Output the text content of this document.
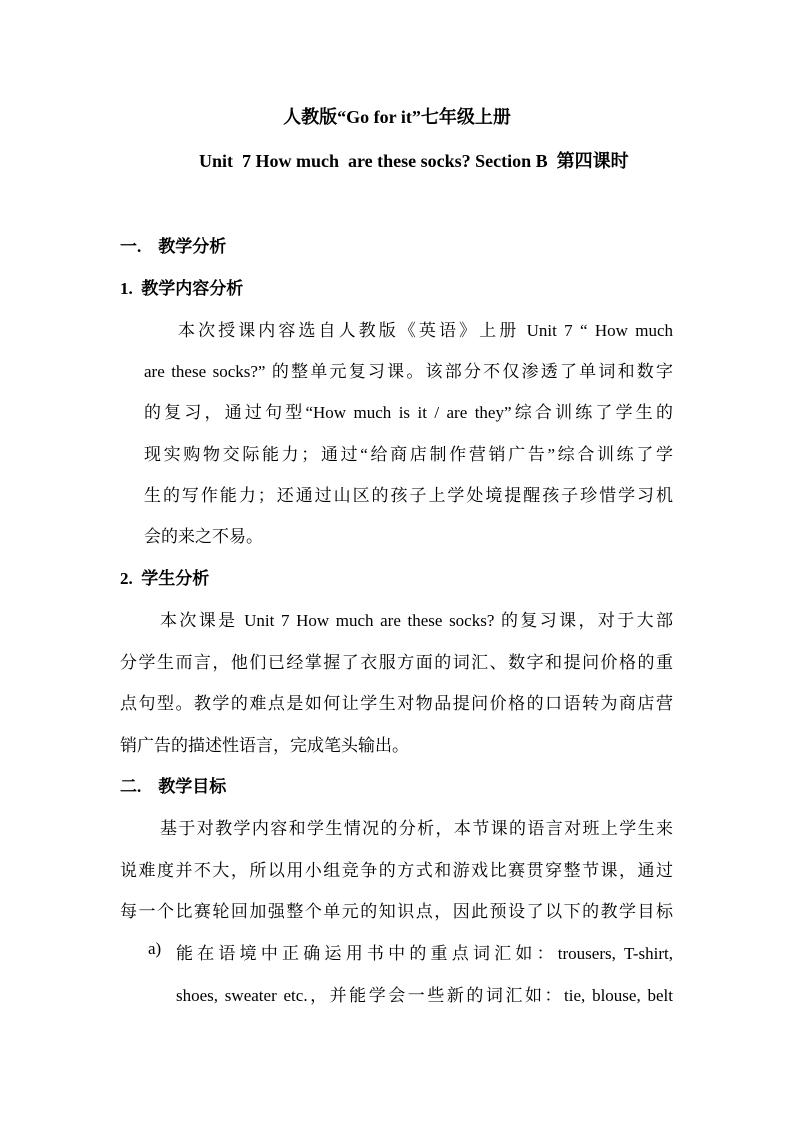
人教版“Go for it”七年级上册
Unit  7 How much  are these socks? Section B  第四课时
一.    教学分析
1.  教学内容分析
本次授课内容选自人教版《英语》上册 Unit 7 “ How much
are these socks?” 的整单元复习课。该部分不仅渗透了单词和数字
的复习，通过句型“How much is it / are they”综合训练了学生的
现实购物交际能力；通过“给商店制作营销广告”综合训练了学
生的写作能力；还通过山区的孩子上学处境提醒孩子珍惜学习机
会的来之不易。
2.  学生分析
本次课是 Unit 7 How much are these socks? 的复习课，对于大部
分学生而言，他们已经掌握了衣服方面的词汇、数字和提问价格的重
点句型。教学的难点是如何让学生对物品提问价格的口语转为商店营
销广告的描述性语言，完成笔头输出。
二.    教学目标
基于对教学内容和学生情况的分析，本节课的语言对班上学生来
说难度并不大，所以用小组竞争的方式和游戏比赛贯穿整节课，通过
每一个比赛轮回加强整个单元的知识点，因此预设了以下的教学目标
a) 能在语境中正确运用书中的重点词汇如：trousers, T-shirt,
shoes, sweater etc.，并能学会一些新的词汇如：tie, blouse, belt
